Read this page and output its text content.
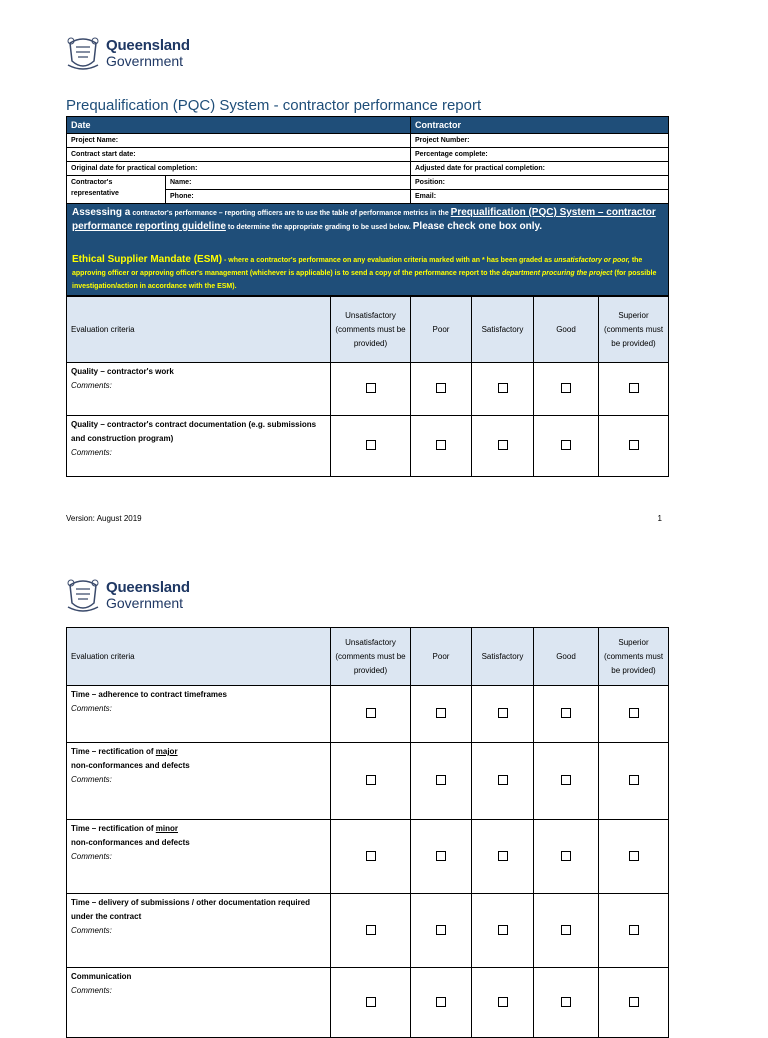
Queensland
Government
Prequalification (PQC) System - contractor performance report
Date		Contractor
Project Name:		Project Number:
Contract start date:		Percentage complete:
Original date for practical completion:		Adjusted date for practical completion:
Contractor's representative	Name:	Position:
	Phone:	Email:

Assessing a contractor's performance – reporting officers are to use the table of performance metrics in the Prequalification (PQC) System – contractor performance reporting guideline to determine the appropriate grading to be used below. Please check one box only.
Ethical Supplier Mandate (ESM) - where a contractor's performance on any evaluation criteria marked with an * has been graded as unsatisfactory or poor, the approving officer or approving officer's management (whichever is applicable) is to send a copy of the performance report to the department procuring the project (for possible investigation/action in accordance with the ESM).		
Evaluation criteria	Unsatisfactory (comments must be provided)	Poor	Satisfactory	Good	Superior (comments must be provided)

Quality – contractor's work
Comments:					

Quality – contractor's contract documentation (e.g. submissions and construction program)
Comments:					

Version: August 2019	1
Queensland
Government
Evaluation criteria	Unsatisfactory (comments must be provided)	Poor	Satisfactory	Good	Superior (comments must be provided)

Time – adherence to contract timeframes
Comments:					

Time – rectification of major
non-conformances and defects
Comments:					

Time – rectification of minor
non-conformances and defects
Comments:					

Time – delivery of submissions / other documentation required under the contract
Comments:					

Communication
Comments:					
